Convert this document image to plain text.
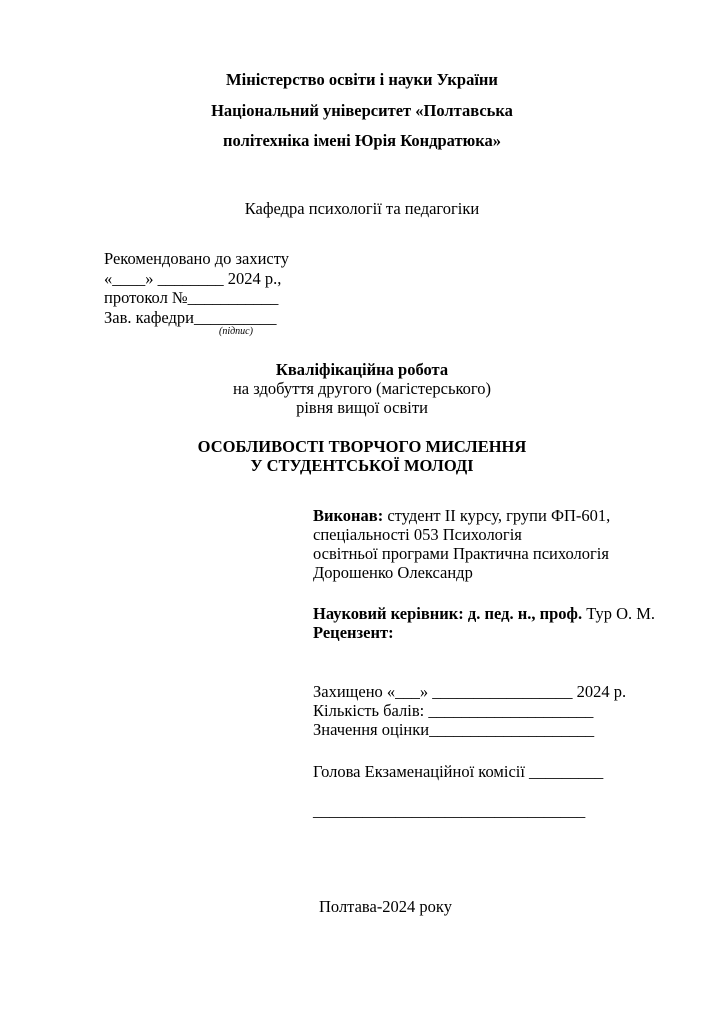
Міністерство освіти і науки України
Національний університет «Полтавська
політехніка імені Юрія Кондратюка»
Кафедра психології та педагогіки
Рекомендовано до захисту
«____» ________ 2024 р.,
протокол №___________
Зав. кафедри__________
(підпис)
Кваліфікаційна робота
на здобуття другого (магістерського)
рівня вищої освіти
ОСОБЛИВОСТІ ТВОРЧОГО МИСЛЕННЯ
У СТУДЕНТСЬКОЇ МОЛОДІ
Виконав: студент ІІ курсу, групи ФП-601,
спеціальності 053 Психологія
освітньої програми Практична психологія
Дорошенко Олександр
Науковий керівник: д. пед. н., проф. Тур О. М.
Рецензент:
Захищено «___» _________________ 2024 р.
Кількість балів: ____________________
Значення оцінки____________________
Голова Екзаменаційної комісії _________
_________________________________
Полтава-2024 року
